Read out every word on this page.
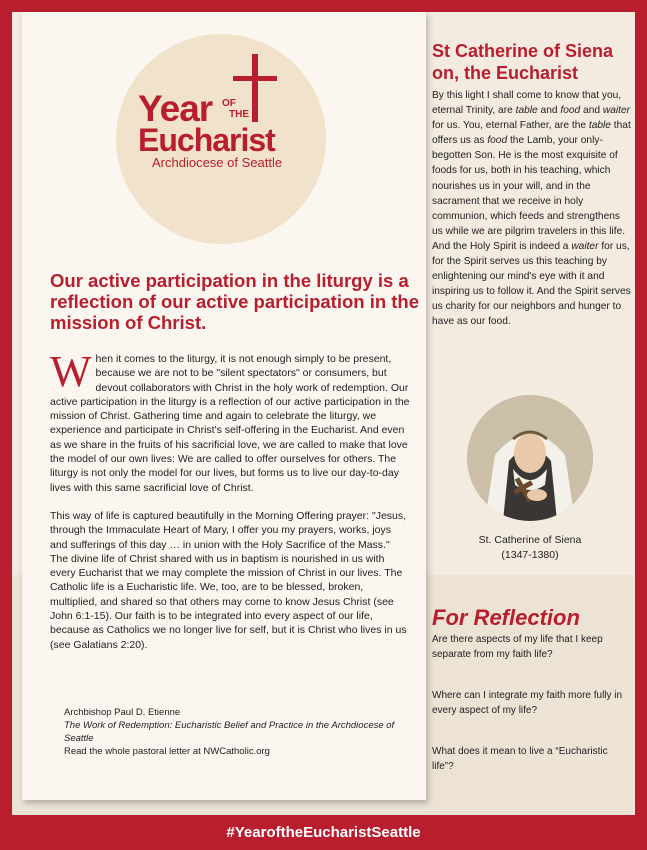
Year OF
THE
Eucharist
Archdiocese of Seattle
Our active participation in the liturgy is a reflection of our active participation in the mission of Christ.

When it comes to the liturgy, it is not enough simply to be present, because we are not to be "silent spectators" or consumers, but devout collaborators with Christ in the holy work of redemption. Our active participation in the liturgy is a reflection of our active participation in the mission of Christ. Gathering time and again to celebrate the liturgy, we experience and participate in Christ's self-offering in the Eucharist. And even as we share in the fruits of his sacrificial love, we are called to make that love the model of our own lives: We are called to offer ourselves for others. The liturgy is not only the model for our lives, but forms us to live our day-to-day lives with this same sacrificial love of Christ.

This way of life is captured beautifully in the Morning Offering prayer: "Jesus, through the Immaculate Heart of Mary, I offer you my prayers, works, joys and sufferings of this day … in union with the Holy Sacrifice of the Mass." The divine life of Christ shared with us in baptism is nourished in us with every Eucharist that we may complete the mission of Christ in our lives. The Catholic life is a Eucharistic life. We, too, are to be blessed, broken, multiplied, and shared so that others may come to know Jesus Christ (see John 6:1-15). Our faith is to be integrated into every aspect of our life, because as Catholics we no longer live for self, but it is Christ who lives in us (see Galatians 2:20).

Archbishop Paul D. Etienne
The Work of Redemption: Eucharistic Belief and Practice in the Archdiocese of Seattle
Read the whole pastoral letter at NWCatholic.org
St Catherine of Siena on, the Eucharist
By this light I shall come to know that you, eternal Trinity, are table and food and waiter for us. You, eternal Father, are the table that offers us as food the Lamb, your only-begotten Son. He is the most exquisite of foods for us, both in his teaching, which nourishes us in your will, and in the sacrament that we receive in holy communion, which feeds and strengthens us while we are pilgrim travelers in this life. And the Holy Spirit is indeed a waiter for us, for the Spirit serves us this teaching by enlightening our mind's eye with it and inspiring us to follow it. And the Spirit serves us charity for our neighbors and hunger to have as our food.
St. Catherine of Siena
(1347-1380)
For Reflection
Are there aspects of my life that I keep separate from my faith life?
Where can I integrate my faith more fully in every aspect of my life?
What does it mean to live a “Eucharistic life”?
#YearoftheEucharistSeattle
